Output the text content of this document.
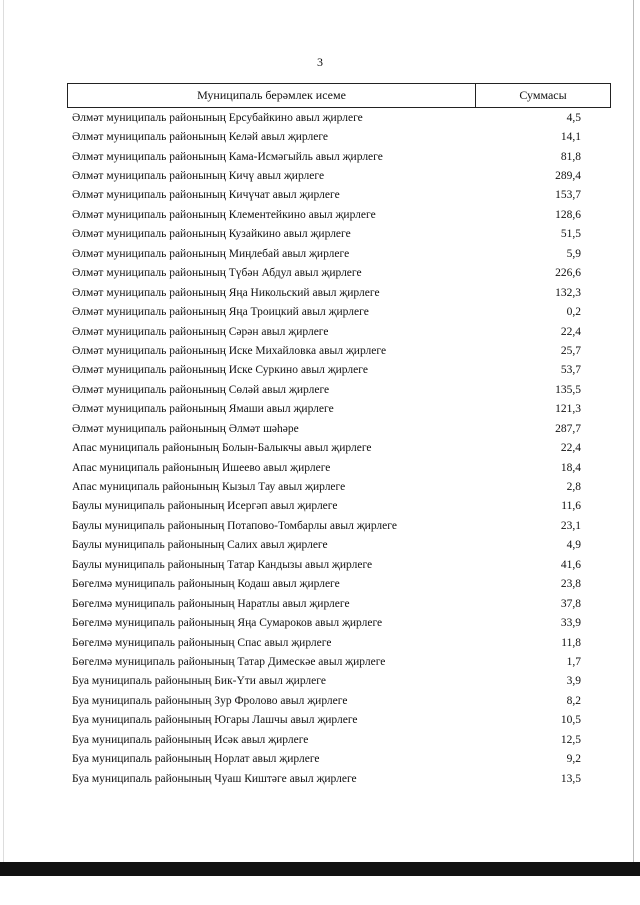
3
Муниципаль берәмлек исеме	Суммасы
Әлмәт муниципаль районының Ерсубайкино авыл җирлеге	4,5
Әлмәт муниципаль районының Келәй авыл җирлеге	14,1
Әлмәт муниципаль районының Кама-Исмәгыйль авыл җирлеге	81,8
Әлмәт муниципаль районының Кичү авыл җирлеге	289,4
Әлмәт муниципаль районының Кичүчат авыл җирлеге	153,7
Әлмәт муниципаль районының Клементейкино авыл җирлеге	128,6
Әлмәт муниципаль районының Кузайкино авыл җирлеге	51,5
Әлмәт муниципаль районының Миңлебай авыл җирлеге	5,9
Әлмәт муниципаль районының Түбән Абдул авыл җирлеге	226,6
Әлмәт муниципаль районының Яңа Никольский авыл җирлеге	132,3
Әлмәт муниципаль районының Яңа Троицкий авыл җирлеге	0,2
Әлмәт муниципаль районының Сәрән авыл җирлеге	22,4
Әлмәт муниципаль районының Иске Михайловка авыл җирлеге	25,7
Әлмәт муниципаль районының Иске Суркино авыл җирлеге	53,7
Әлмәт муниципаль районының Сөләй авыл җирлеге	135,5
Әлмәт муниципаль районының Ямаши авыл җирлеге	121,3
Әлмәт муниципаль районының Әлмәт шәһәре	287,7
Апас муниципаль районының Болын-Балыкчы авыл җирлеге	22,4
Апас муниципаль районының Ишеево авыл җирлеге	18,4
Апас муниципаль районының Кызыл Тау авыл җирлеге	2,8
Баулы муниципаль районының Исергәп авыл җирлеге	11,6
Баулы муниципаль районының Потапово-Томбарлы авыл җирлеге	23,1
Баулы муниципаль районының Салих авыл җирлеге	4,9
Баулы муниципаль районының Татар Кандызы авыл җирлеге	41,6
Бөгелмә муниципаль районының Кодаш авыл җирлеге	23,8
Бөгелмә муниципаль районының Наратлы авыл җирлеге	37,8
Бөгелмә муниципаль районының Яңа Сумароков авыл җирлеге	33,9
Бөгелмә муниципаль районының Спас авыл җирлеге	11,8
Бөгелмә муниципаль районының Татар Димескәе авыл җирлеге	1,7
Буа муниципаль районының Бик-Үти авыл җирлеге	3,9
Буа муниципаль районының Зур Фролово авыл җирлеге	8,2
Буа муниципаль районының Югары Лашчы авыл җирлеге	10,5
Буа муниципаль районының Исәк авыл җирлеге	12,5
Буа муниципаль районының Норлат авыл җирлеге	9,2
Буа муниципаль районының Чуаш Киштәге авыл җирлеге	13,5
